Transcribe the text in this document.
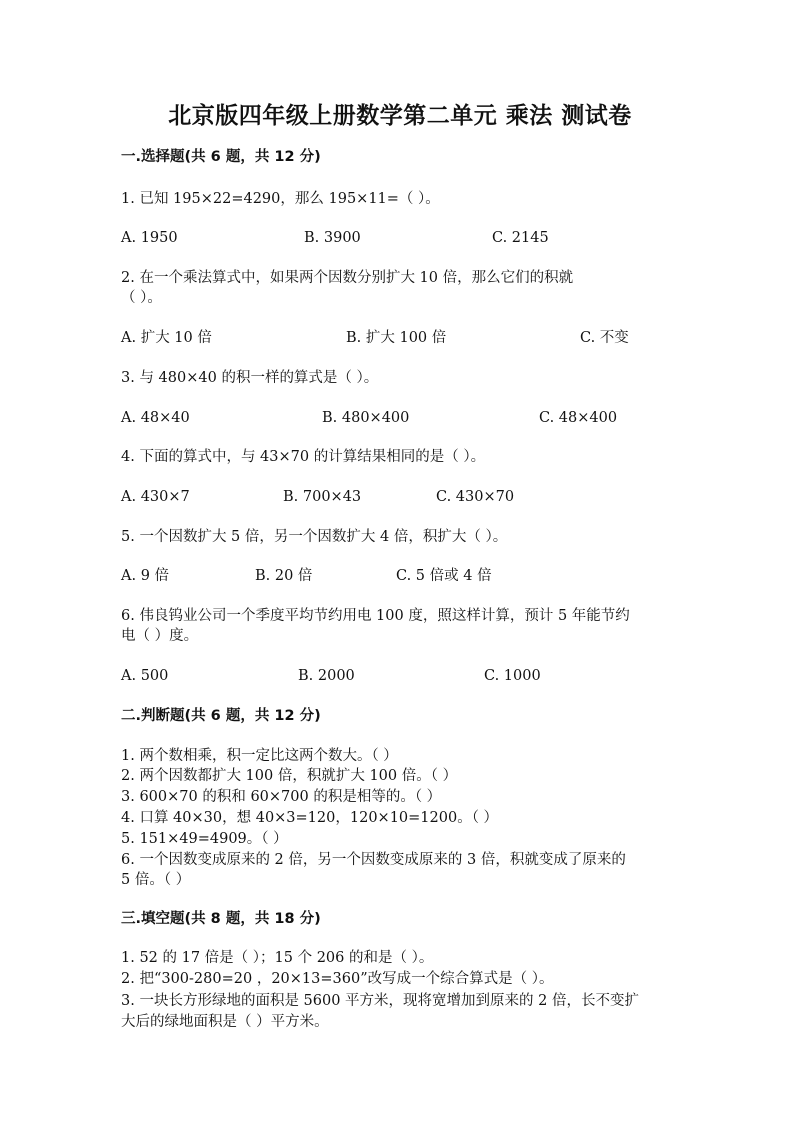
北京版四年级上册数学第二单元 乘法 测试卷
一.选择题(共 6 题，共 12 分)
1. 已知 195×22=4290，那么 195×11=（ ）。
A. 1950	B. 3900	C. 2145
2. 在一个乘法算式中，如果两个因数分别扩大 10 倍，那么它们的积就
（ ）。
A. 扩大 10 倍	B. 扩大 100 倍	C. 不变
3. 与 480×40 的积一样的算式是（ ）。
A. 48×40	B. 480×400	C. 48×400
4. 下面的算式中，与 43×70 的计算结果相同的是（ ）。
A. 430×7	B. 700×43	C. 430×70
5. 一个因数扩大 5 倍，另一个因数扩大 4 倍，积扩大（ ）。
A. 9 倍	B. 20 倍	C. 5 倍或 4 倍
6. 伟良钨业公司一个季度平均节约用电 100 度，照这样计算，预计 5 年能节约
电（ ）度。
A. 500	B. 2000	C. 1000
二.判断题(共 6 题，共 12 分)
1. 两个数相乘，积一定比这两个数大。（ ）
2. 两个因数都扩大 100 倍，积就扩大 100 倍。（ ）
3. 600×70 的积和 60×700 的积是相等的。（ ）
4. 口算 40×30，想 40×3=120，120×10=1200。（ ）
5. 151×49=4909。（ ）
6. 一个因数变成原来的 2 倍，另一个因数变成原来的 3 倍，积就变成了原来的
5 倍。（ ）
三.填空题(共 8 题，共 18 分)
1. 52 的 17 倍是（ ）；15 个 206 的和是（ ）。
2. 把“300-280=20 ，20×13=360”改写成一个综合算式是（ ）。
3. 一块长方形绿地的面积是 5600 平方米，现将宽增加到原来的 2 倍，长不变扩
大后的绿地面积是（ ）平方米。
